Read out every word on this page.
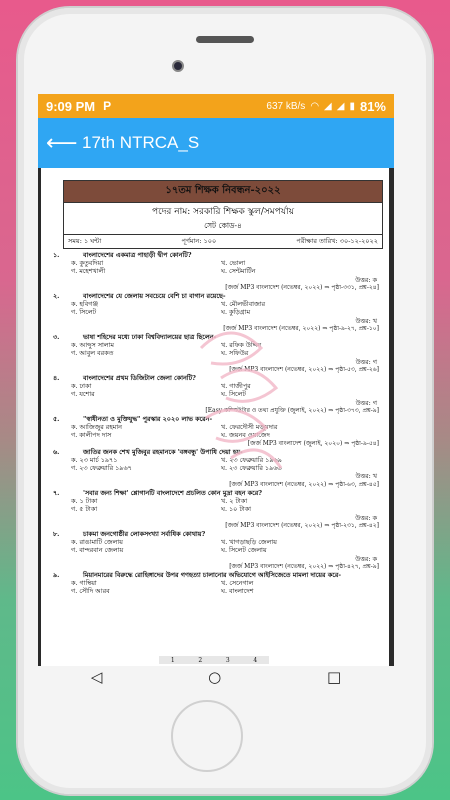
9:09 PM P	637 kB/s ◠ ◢ ◢ ▮ 81%
⟵ 17th NTRCA_S
১৭তম শিক্ষক নিবন্ধন-২০২২
পদের নাম: সরকারি শিক্ষক স্কুল/সমপর্যায়
সেট কোড-৪
সময়: ১ ঘন্টা	পূর্ণমান: ১০০	পরীক্ষার তারিখ: ৩০-১২-২০২২
১.	বাংলাদেশের একমাত্র পাহাড়ী দ্বীপ কোনটি?
ক. কুতুবদিয়া	খ. ভোলা
গ. মহেশখালী	ঘ. সেন্টমার্টিন
উত্তর: ক
[জর্জ MP3 বাংলাদেশ (নভেম্বর, ২০২২) ⇒ পৃষ্ঠা-৩৩১, প্রশ্ন-২৪]
২.	বাংলাদেশের যে জেলায় সবচেয়ে বেশি চা বাগান রয়েছে-
ক. হবিগঞ্জ	খ. মৌলভীবাজার
গ. সিলেট	ঘ. কুড়িগ্রাম
উত্তর: খ
[জর্জ MP3 বাংলাদেশ (নভেম্বর, ২০২২) ⇒ পৃষ্ঠা-৯-২৭, প্রশ্ন-১০]
৩.	ভাষা শহিদের মধ্যে ঢাকা বিশ্ববিদ্যালয়ের ছাত্র ছিলেন-
ক. আব্দুস সালাম	খ. রফিক উদ্দিন
গ. আবুল বরকত	ঘ. সফিউর
উত্তর: গ
[জর্জ MP3 বাংলাদেশ (নভেম্বর, ২০২২) ⇒ পৃষ্ঠা-৫৩, প্রশ্ন-২৬]
৪.	বাংলাদেশের প্রথম ডিজিটাল জেলা কোনটি?
ক. ঢাকা	খ. গাজীপুর
গ. যশোর	ঘ. সিলেট
উত্তর: গ
[Easy কম্পিউটার ও তথ্য প্রযুক্তি (জুলাই, ২০২২) ⇒ পৃষ্ঠা-৩৭৩, প্রশ্ন-৯]
৫.	"স্বাধীনতা ও মুক্তিযুদ্ধ" পুরস্কার ২০২০ লাভ করেন-
ক. আজিজুর রহমান	খ. ফেরদৌসী মজুমদার
গ. কালীপদ দাস	ঘ. জয়নব ওয়াজেদ
[জর্জ MP3 বাংলাদেশ (জুলাই, ২০২০) ⇒ পৃষ্ঠা-৯-৫৪]
৬.	জাতির জনক শেখ মুজিবুর রহমানকে 'বঙ্গবন্ধু' উপাধি দেয়া হয়-
ক. ২৩ মার্চ ১৯৭১	খ. ২৩ ফেব্রুয়ারি ১৯৬৯
গ. ২৩ ফেব্রুয়ারি ১৯৬৭	ঘ. ২৩ ফেব্রুয়ারি ১৯৬৬
উত্তর: খ
[জর্জ MP3 বাংলাদেশ (নভেম্বর, ২০২২) ⇒ পৃষ্ঠা-৬৩, প্রশ্ন-৪৫]
৭.	'সবার জন্য শিক্ষা' শ্লোগানটি বাংলাদেশে প্রচলিত কোন মুদ্রা বহন করে?
ক. ১ টাকা	খ. ২ টাকা
গ. ৫ টাকা	ঘ. ১০ টাকা
উত্তর: ক
[জর্জ MP3 বাংলাদেশ (নভেম্বর, ২০২২) ⇒ পৃষ্ঠা-২৩১, প্রশ্ন-৪২]
৮.	চাকমা জনগোষ্ঠীর লোকসংখ্যা সর্বাধিক কোথায়?
ক. রাঙামাটি জেলায়	খ. খাগড়াছড়ি জেলায়
গ. বান্দরবান জেলায়	ঘ. সিলেট জেলায়
উত্তর: ক
[জর্জ MP3 বাংলাদেশ (নভেম্বর, ২০২২) ⇒ পৃষ্ঠা-৪২৭, প্রশ্ন-৯]
৯.	মিয়ানমারের বিরুদ্ধে রোহিঙ্গাদের উপর গণহত্যা চালানোর অভিযোগে আইসিজেতে মামলা দায়ের করে-
ক. গাম্বিয়া	খ. সেনেগাল
গ. সৌদি আরব	ঘ. বাংলাদেশ
1	2	3	4
◁	○	□
